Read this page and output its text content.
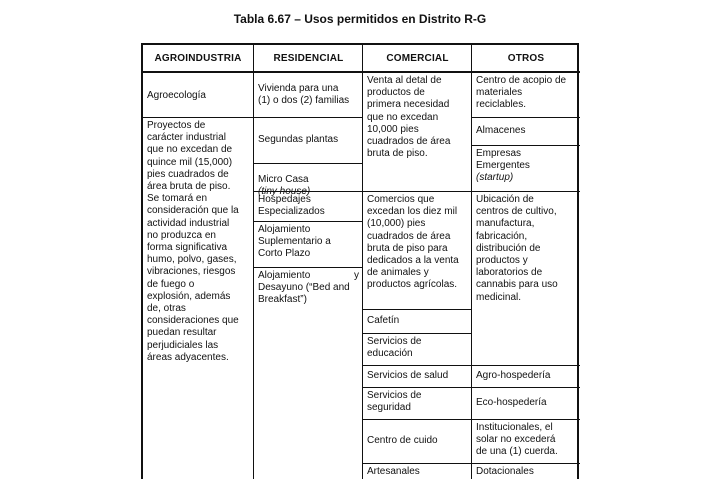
Tabla 6.67 – Usos permitidos en Distrito R-G
AGROINDUSTRIA
Agroecología
Proyectos de
carácter industrial
que no excedan de
quince mil (15,000)
pies cuadrados de
área bruta de piso.
Se tomará en
consideración que la
actividad industrial
no produzca en
forma significativa
humo, polvo, gases,
vibraciones, riesgos
de fuego o
explosión, además
de, otras
consideraciones que
puedan resultar
perjudiciales las
áreas adyacentes.
RESIDENCIAL
Vivienda para una
(1) o dos (2) familias
Segundas plantas
Micro Casa
(tiny house)
Hospedajes
Especializados
Alojamiento
Suplementario a
Corto Plazo
Alojamiento	y
Desayuno (“Bed and
Breakfast”)
COMERCIAL
Venta al detal de
productos de
primera necesidad
que no excedan
10,000 pies
cuadrados de área
bruta de piso.
Comercios que
excedan los diez mil
(10,000) pies
cuadrados de área
bruta de piso para
dedicados a la venta
de animales y
productos agrícolas.
Cafetín
Servicios de
educación
Servicios de salud
Servicios de
seguridad
Centro de cuido
Artesanales
OTROS
Centro de acopio de
materiales
reciclables.
Almacenes
Empresas
Emergentes
(startup)
Ubicación de
centros de cultivo,
manufactura,
fabricación,
distribución de
productos y
laboratorios de
cannabis para uso
medicinal.
Agro-hospedería
Eco-hospedería
Institucionales, el
solar no excederá
de una (1) cuerda.
Dotacionales
